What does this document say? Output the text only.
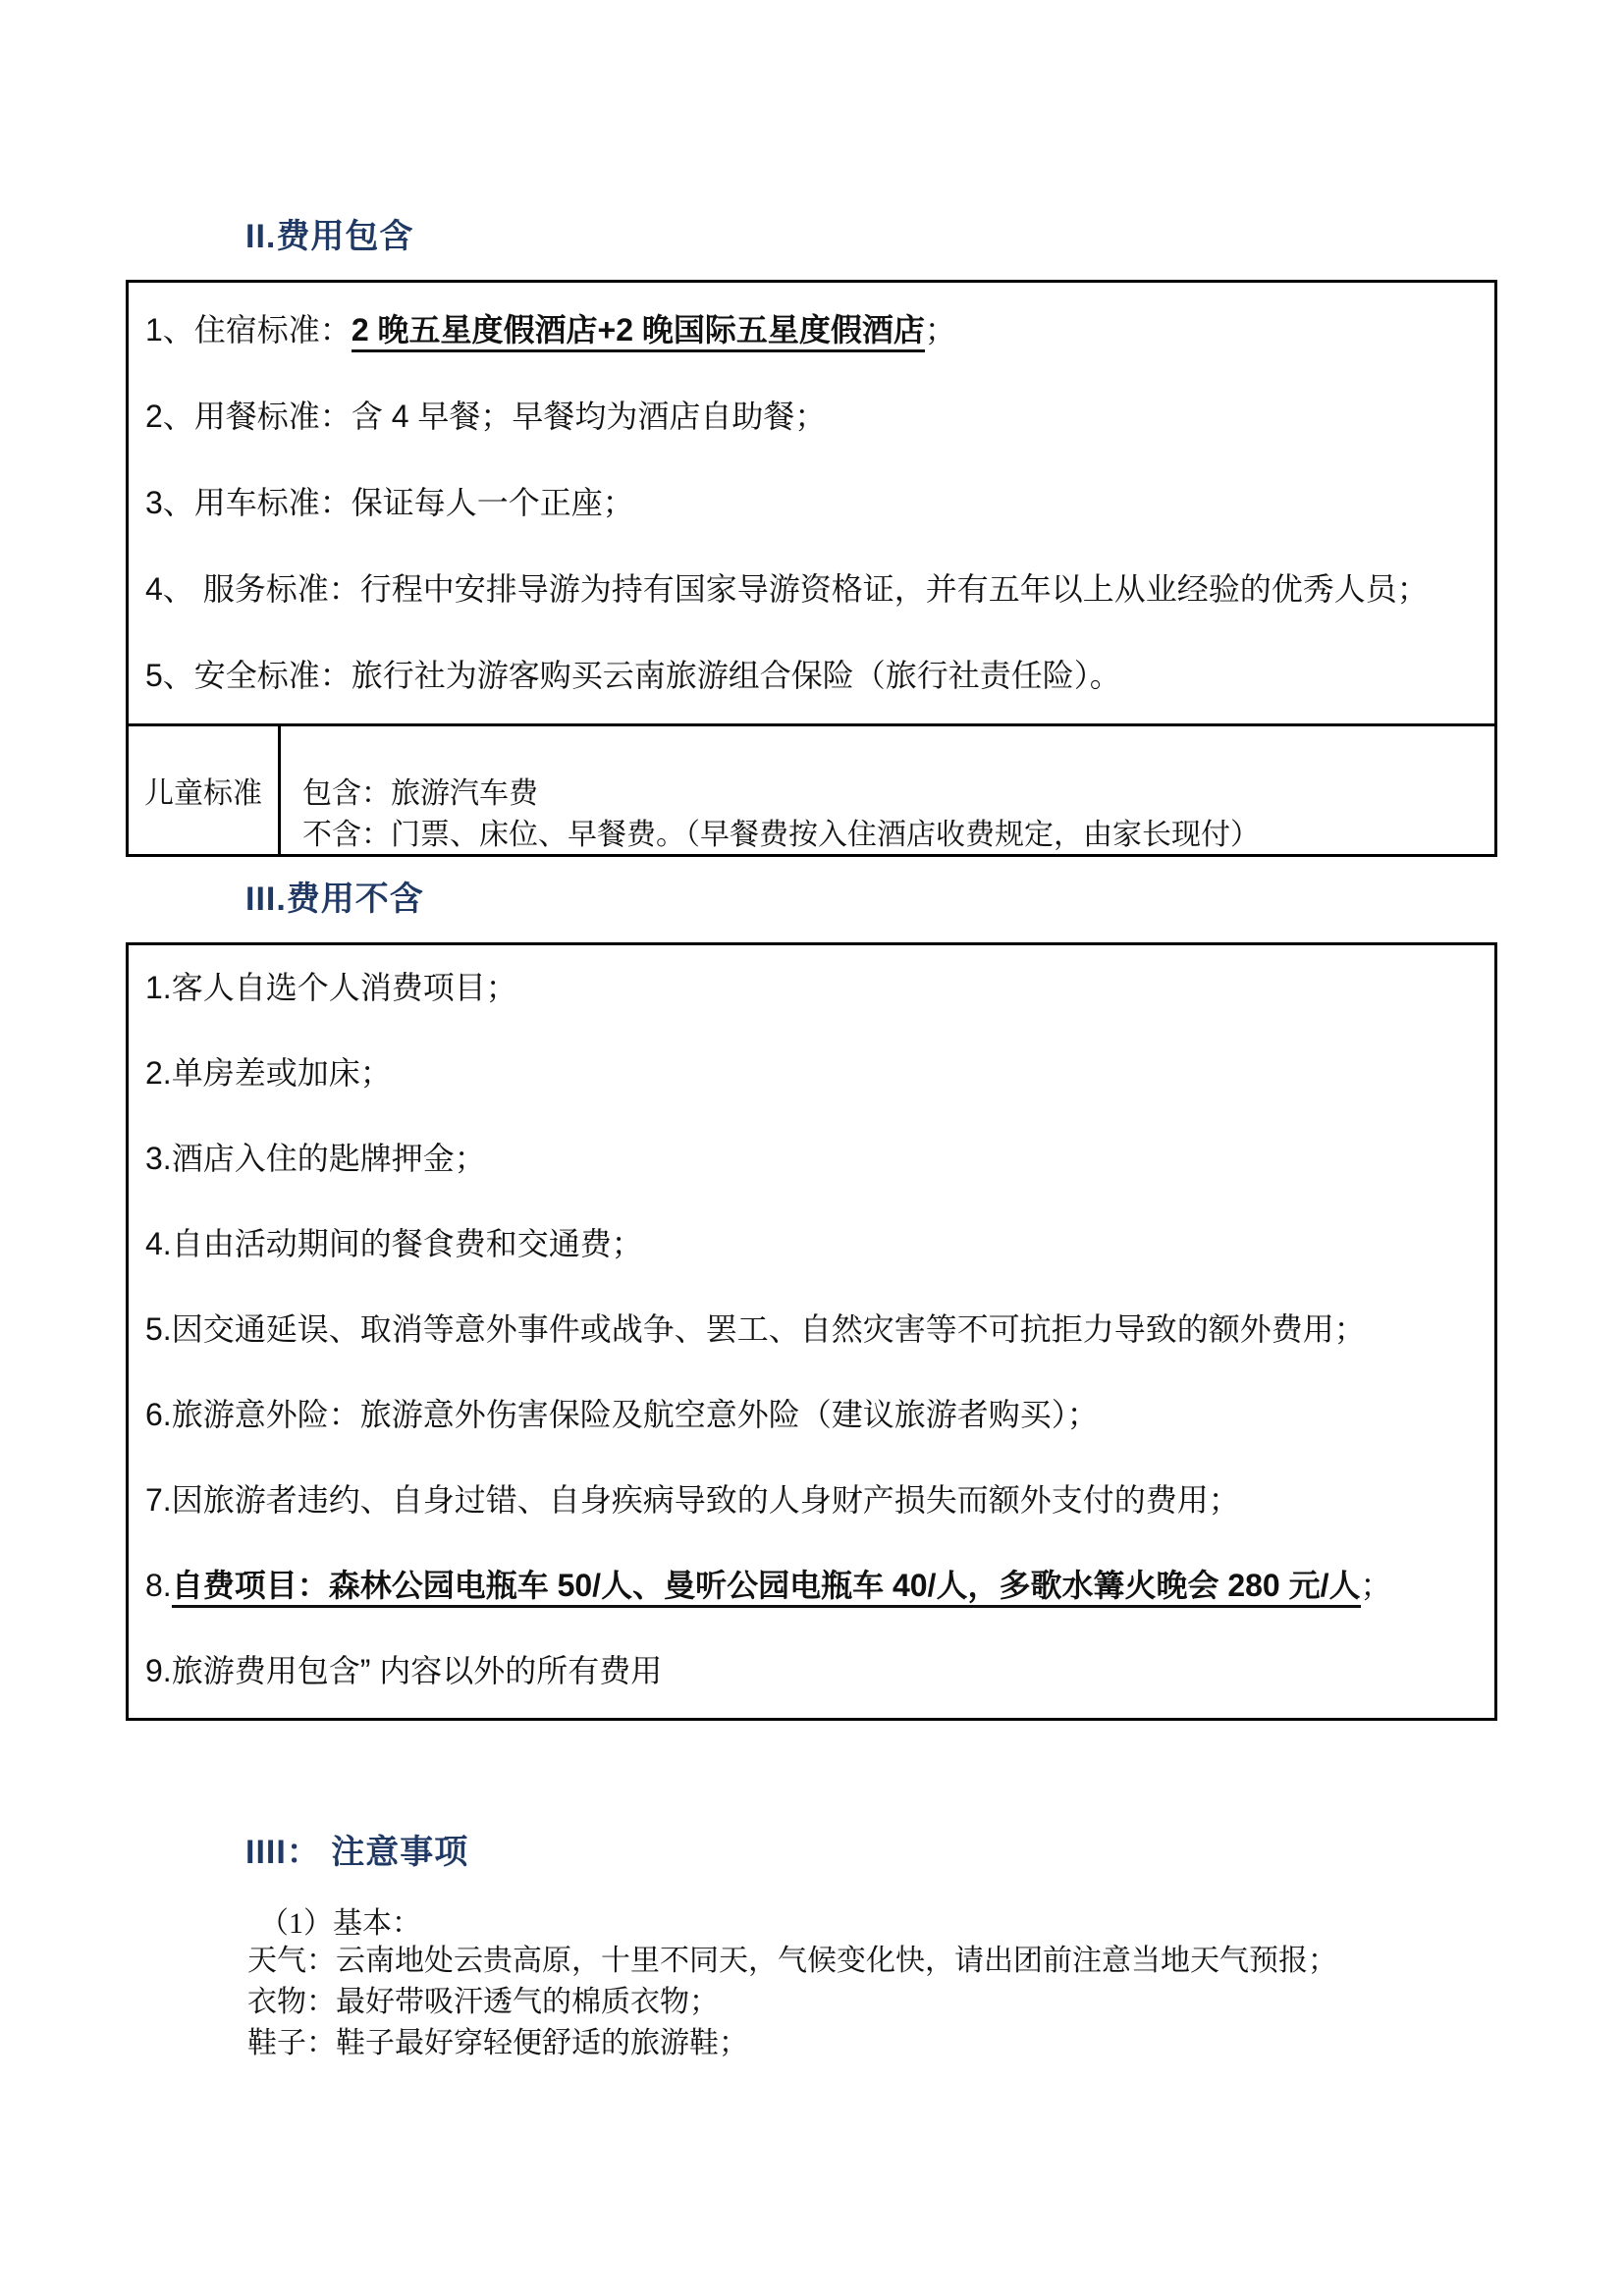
II.费用包含
1、住宿标准：2 晚五星度假酒店+2 晚国际五星度假酒店；
2、用餐标准：含 4 早餐；早餐均为酒店自助餐；
3、用车标准：保证每人一个正座；
4、 服务标准：行程中安排导游为持有国家导游资格证，并有五年以上从业经验的优秀人员；
5、安全标准：旅行社为游客购买云南旅游组合保险（旅行社责任险）。
儿童标准	包含：旅游汽车费
不含：门票、床位、早餐费。（早餐费按入住酒店收费规定，由家长现付）
III.费用不含
1.客人自选个人消费项目；
2.单房差或加床；
3.酒店入住的匙牌押金；
4.自由活动期间的餐食费和交通费；
5.因交通延误、取消等意外事件或战争、罢工、自然灾害等不可抗拒力导致的额外费用；
6.旅游意外险：旅游意外伤害保险及航空意外险（建议旅游者购买）；
7.因旅游者违约、自身过错、自身疾病导致的人身财产损失而额外支付的费用；
8.自费项目：森林公园电瓶车 50/人、曼听公园电瓶车 40/人，多歌水篝火晚会 280 元/人；
9.旅游费用包含” 内容以外的所有费用
IIII： 注意事项
（1）基本：
天气：云南地处云贵高原，十里不同天，气候变化快，请出团前注意当地天气预报；
衣物：最好带吸汗透气的棉质衣物；
鞋子：鞋子最好穿轻便舒适的旅游鞋；
